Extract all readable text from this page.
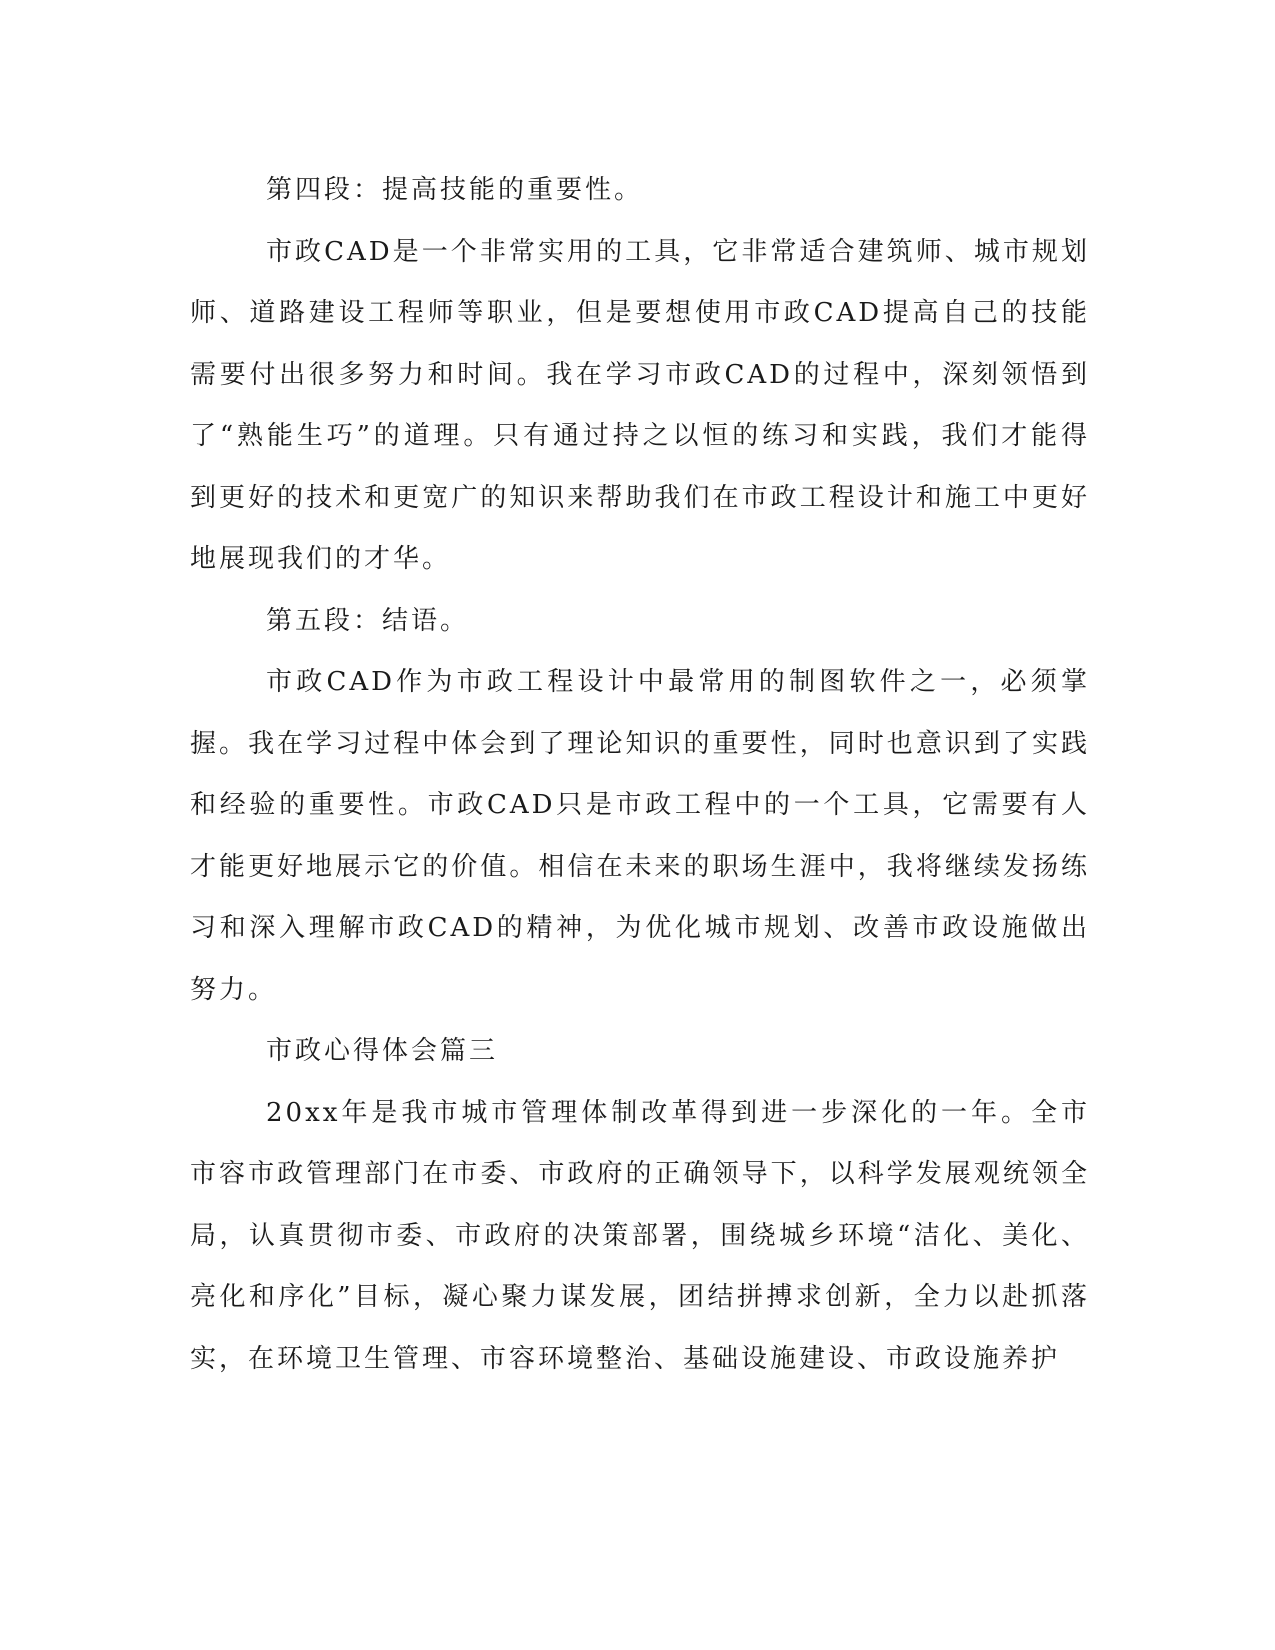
第四段：提高技能的重要性。

市政CAD是一个非常实用的工具，它非常适合建筑师、城市规划师、道路建设工程师等职业，但是要想使用市政CAD提高自己的技能需要付出很多努力和时间。我在学习市政CAD的过程中，深刻领悟到了“熟能生巧”的道理。只有通过持之以恒的练习和实践，我们才能得到更好的技术和更宽广的知识来帮助我们在市政工程设计和施工中更好地展现我们的才华。

第五段：结语。

市政CAD作为市政工程设计中最常用的制图软件之一，必须掌握。我在学习过程中体会到了理论知识的重要性，同时也意识到了实践和经验的重要性。市政CAD只是市政工程中的一个工具，它需要有人才能更好地展示它的价值。相信在未来的职场生涯中，我将继续发扬练习和深入理解市政CAD的精神，为优化城市规划、改善市政设施做出努力。

市政心得体会篇三

20xx年是我市城市管理体制改革得到进一步深化的一年。全市市容市政管理部门在市委、市政府的正确领导下，以科学发展观统领全局，认真贯彻市委、市政府的决策部署，围绕城乡环境“洁化、美化、亮化和序化”目标，凝心聚力谋发展，团结拼搏求创新，全力以赴抓落实，在环境卫生管理、市容环境整治、基础设施建设、市政设施养护
